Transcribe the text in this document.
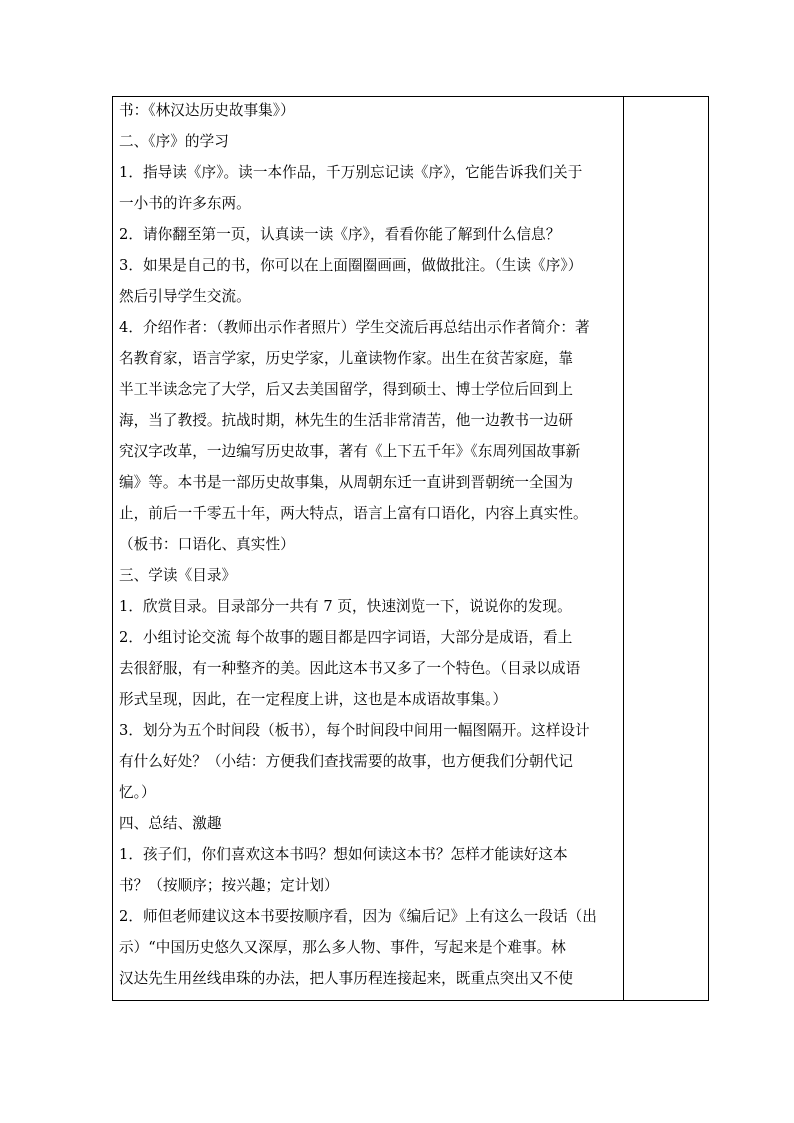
书：《林汉达历史故事集》）
二、《序》的学习
1．指导读《序》。读一本作品，千万别忘记读《序》，它能告诉我们关于
一小书的许多东两。
2．请你翻至第一页，认真读一读《序》，看看你能了解到什么信息？
3．如果是自己的书，你可以在上面圈圈画画，做做批注。（生读《序》）
然后引导学生交流。
4．介绍作者：（教师出示作者照片）学生交流后再总结出示作者简介：著
名教育家，语言学家，历史学家，儿童读物作家。出生在贫苦家庭，靠
半工半读念完了大学，后又去美国留学，得到硕士、博士学位后回到上
海，当了教授。抗战时期，林先生的生活非常清苦，他一边教书一边研
究汉字改革，一边编写历史故事，著有《上下五千年》《东周列国故事新
编》等。本书是一部历史故事集，从周朝东迁一直讲到晋朝统一全国为
止，前后一千零五十年，两大特点，语言上富有口语化，内容上真实性。
（板书：口语化、真实性）
三、学读《目录》
1．欣赏目录。目录部分一共有 7 页，快速浏览一下，说说你的发现。
2．小组讨论交流 每个故事的题目都是四字词语，大部分是成语，看上
去很舒服，有一种整齐的美。因此这本书又多了一个特色。（目录以成语
形式呈现，因此，在一定程度上讲，这也是本成语故事集。）
3．划分为五个时间段（板书），每个时间段中间用一幅图隔开。这样设计
有什么好处？（小结：方便我们查找需要的故事，也方便我们分朝代记
忆。）
四、总结、激趣
1．孩子们，你们喜欢这本书吗？想如何读这本书？怎样才能读好这本
书？（按顺序；按兴趣；定计划）
2．师但老师建议这本书要按顺序看，因为《编后记》上有这么一段话（出
示）“中国历史悠久又深厚，那么多人物、事件，写起来是个难事。林
汉达先生用丝线串珠的办法，把人事历程连接起来，既重点突出又不使
